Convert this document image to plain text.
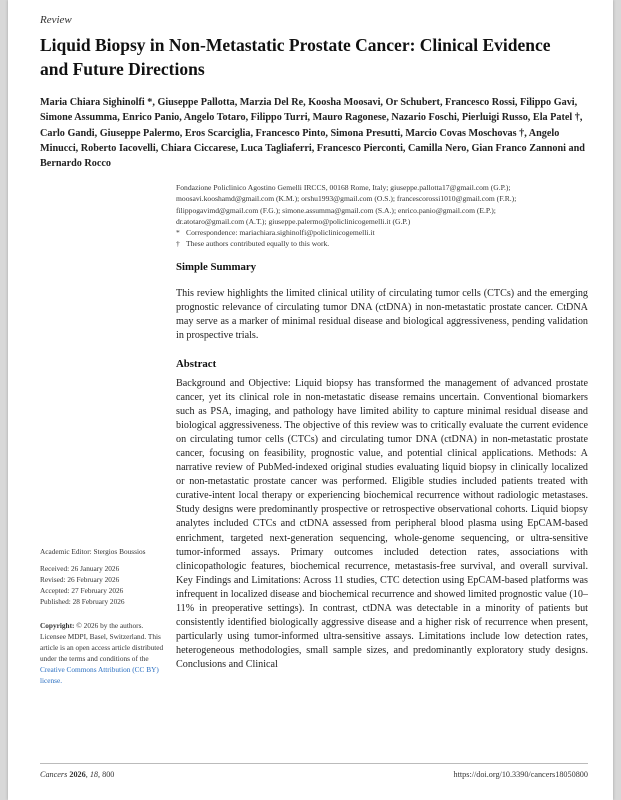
Review
Liquid Biopsy in Non-Metastatic Prostate Cancer: Clinical Evidence and Future Directions
Maria Chiara Sighinolfi *, Giuseppe Pallotta, Marzia Del Re, Koosha Moosavi, Or Schubert, Francesco Rossi, Filippo Gavi, Simone Assumma, Enrico Panio, Angelo Totaro, Filippo Turri, Mauro Ragonese, Nazario Foschi, Pierluigi Russo, Ela Patel †, Carlo Gandi, Giuseppe Palermo, Eros Scarciglia, Francesco Pinto, Simona Presutti, Marcio Covas Moschovas †, Angelo Minucci, Roberto Iacovelli, Chiara Ciccarese, Luca Tagliaferri, Francesco Pierconti, Camilla Nero, Gian Franco Zannoni and Bernardo Rocco
Fondazione Policlinico Agostino Gemelli IRCCS, 00168 Rome, Italy; giuseppe.pallotta17@gmail.com (G.P.);
moosavi.kooshamd@gmail.com (K.M.); orshu1993@gmail.com (O.S.); francescorossi1010@gmail.com (F.R.);
filippogavimd@gmail.com (F.G.); simone.assumma@gmail.com (S.A.); enrico.panio@gmail.com (E.P.);
dr.atotaro@gmail.com (A.T.); giuseppe.palermo@policlinicogemelli.it (G.P.)
* Correspondence: mariachiara.sighinolfi@policlinicogemelli.it
† These authors contributed equally to this work.
Simple Summary
This review highlights the limited clinical utility of circulating tumor cells (CTCs) and the emerging prognostic relevance of circulating tumor DNA (ctDNA) in non-metastatic prostate cancer. CtDNA may serve as a marker of minimal residual disease and biological aggressiveness, pending validation in prospective trials.
Abstract
Background and Objective: Liquid biopsy has transformed the management of advanced prostate cancer, yet its clinical role in non-metastatic disease remains uncertain. Conventional biomarkers such as PSA, imaging, and pathology have limited ability to capture minimal residual disease and biological aggressiveness. The objective of this review was to critically evaluate the current evidence on circulating tumor cells (CTCs) and circulating tumor DNA (ctDNA) in non-metastatic prostate cancer, focusing on feasibility, prognostic value, and potential clinical applications. Methods: A narrative review of PubMed-indexed original studies evaluating liquid biopsy in clinically localized or non-metastatic prostate cancer was performed. Eligible studies included patients treated with curative-intent local therapy or experiencing biochemical recurrence without radiologic metastases. Study designs were predominantly prospective or retrospective observational cohorts. Liquid biopsy analytes included CTCs and ctDNA assessed from peripheral blood plasma using EpCAM-based enrichment, targeted next-generation sequencing, whole-genome sequencing, or ultra-sensitive tumor-informed assays. Primary outcomes included detection rates, associations with clinicopathologic features, biochemical recurrence, metastasis-free survival, and overall survival. Key Findings and Limitations: Across 11 studies, CTC detection using EpCAM-based platforms was infrequent in localized disease and biochemical recurrence and showed limited prognostic value (10–11% in preoperative settings). In contrast, ctDNA was detectable in a minority of patients but consistently identified biologically aggressive disease and a higher risk of recurrence when present, particularly using tumor-informed ultra-sensitive assays. Limitations include low detection rates, heterogeneous methodologies, small sample sizes, and predominantly exploratory study designs. Conclusions and Clinical
Academic Editor: Stergios Boussios
Received: 26 January 2026
Revised: 26 February 2026
Accepted: 27 February 2026
Published: 28 February 2026
Copyright: © 2026 by the authors. Licensee MDPI, Basel, Switzerland. This article is an open access article distributed under the terms and conditions of the Creative Commons Attribution (CC BY) license.
Cancers 2026, 18, 800	https://doi.org/10.3390/cancers18050800
